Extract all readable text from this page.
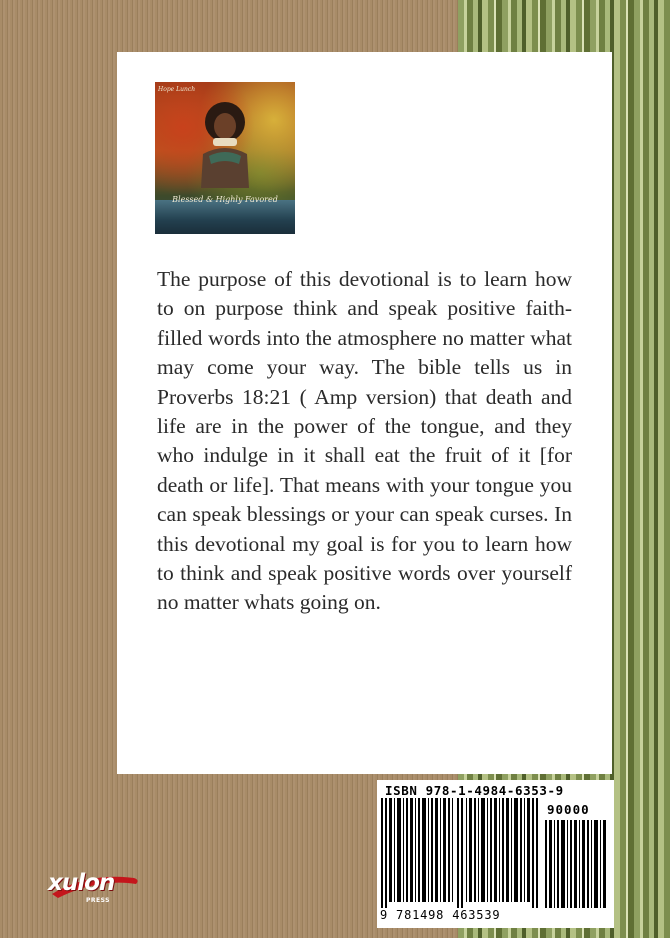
Hope Lunch
Blessed & Highly Favored

The purpose of this devotional is to learn how to on purpose think and speak positive faith-filled words into the atmosphere no matter what may come your way. The bible tells us in Proverbs 18:21 ( Amp version) that death and life are in the power of the tongue, and they who indulge in it shall eat the fruit of it [for death or life]. That means with your tongue you can speak blessings or your can speak curses. In this devotional my goal is for you to learn how to think and speak positive words over yourself no matter whats going on.

ISBN 978-1-4984-6353-9
90000
9 781498 463539
xulon
PRESS
